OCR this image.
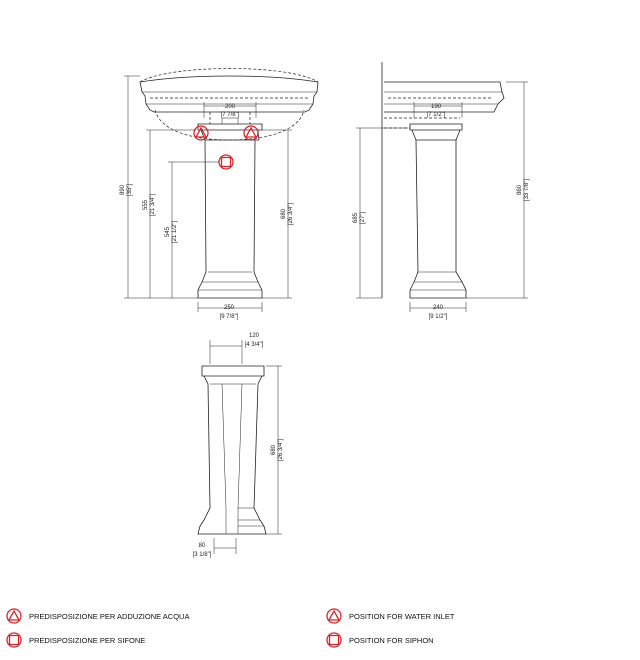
890 [35"]
555 [21 3/4"]
545 [21 1/2"]
680 [26 3/4"]
200
[7 7/8"]
250
[9 7/8"]
685 [27"]
860 [33 7/8"]
190
[7 1/2"]
240
[9 1/2"]
120
[4 3/4"]
680 [26 3/4"]
80
[3 1/8"]
PREDISPOSIZIONE PER ADDUZIONE ACQUA
PREDISPOSIZIONE PER SIFONE
POSITION FOR WATER INLET
POSITION FOR SIPHON
